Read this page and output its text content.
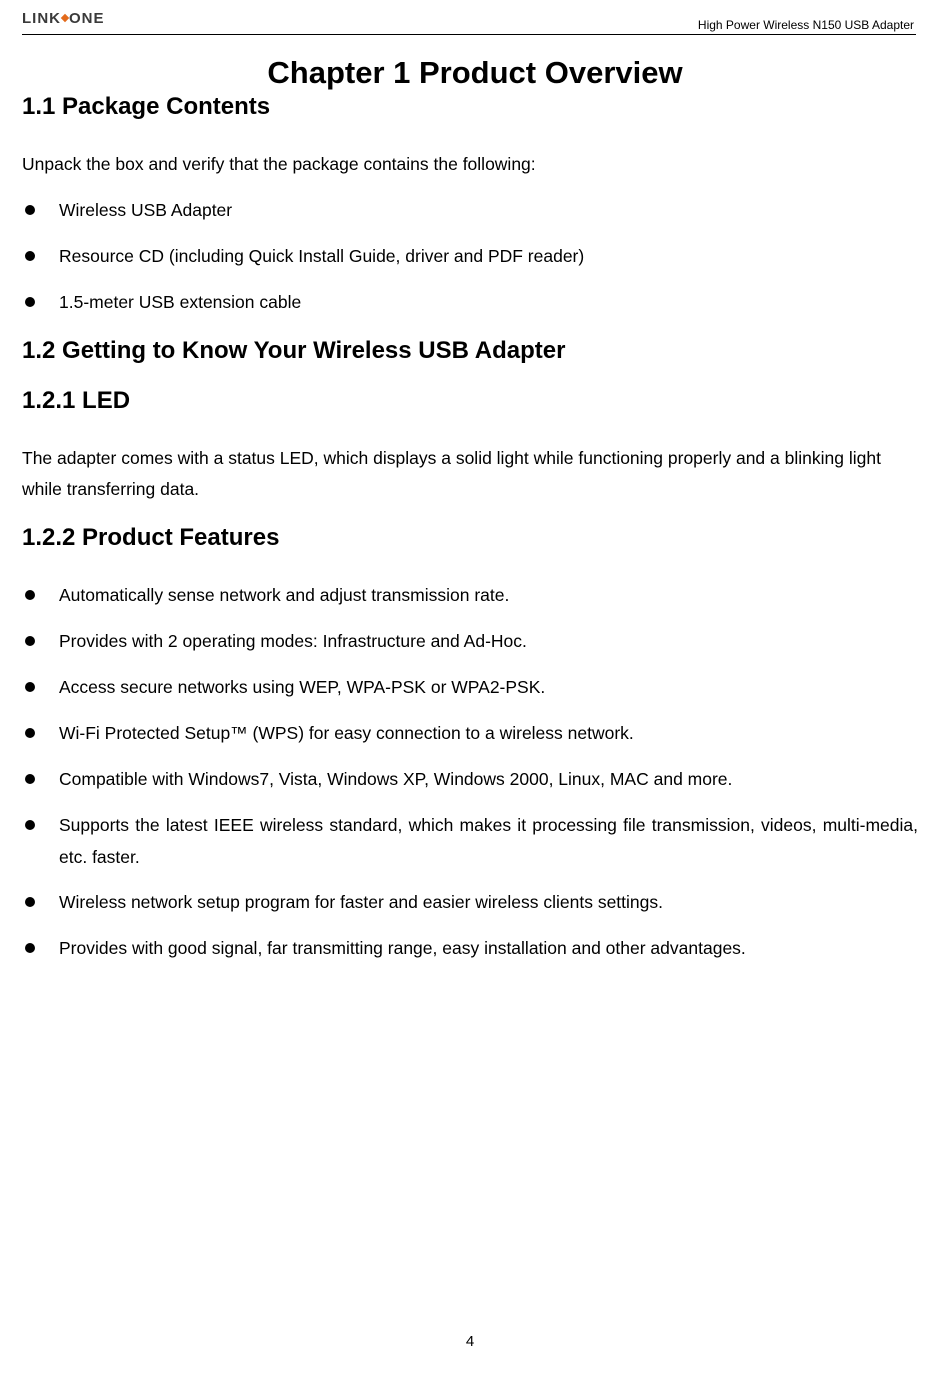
LINK ONE	High Power Wireless N150 USB Adapter
Chapter 1 Product Overview
1.1 Package Contents

Unpack the box and verify that the package contains the following:

Wireless USB Adapter
Resource CD (including Quick Install Guide, driver and PDF reader)
1.5-meter USB extension cable
1.2 Getting to Know Your Wireless USB Adapter
1.2.1 LED

The adapter comes with a status LED, which displays a solid light while functioning properly and a blinking light while transferring data.

1.2.2 Product Features
Automatically sense network and adjust transmission rate.
Provides with 2 operating modes: Infrastructure and Ad-Hoc.
Access secure networks using WEP, WPA-PSK or WPA2-PSK.
Wi-Fi Protected Setup™ (WPS) for easy connection to a wireless network.
Compatible with Windows7, Vista, Windows XP, Windows 2000, Linux, MAC and more.
Supports the latest IEEE wireless standard, which makes it processing file transmission, videos, multi-media, etc. faster.
Wireless network setup program for faster and easier wireless clients settings.
Provides with good signal, far transmitting range, easy installation and other advantages.
4
